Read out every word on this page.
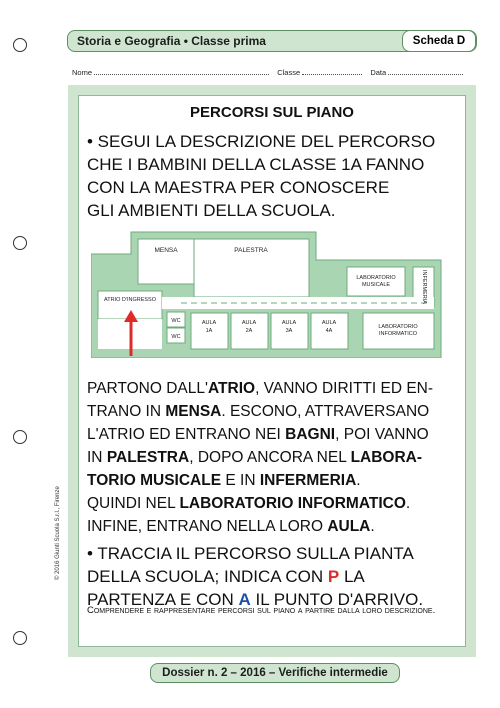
Storia e Geografia • Classe prima	Scheda D
Nome	Classe	Data
PERCORSI SUL PIANO
• SEGUI LA DESCRIZIONE DEL PERCORSO
CHE I BAMBINI DELLA CLASSE 1A FANNO
CON LA MAESTRA PER CONOSCERE
GLI AMBIENTI DELLA SCUOLA.
MENSA	PALESTRA
LABORATORIO
MUSICALE	INFERMERIA
ATRIO D'INGRESSO
WC
WC
AULA
1A
AULA
2A
AULA
3A
AULA
4A
LABORATORIO
INFORMATICO
PARTONO DALL'ATRIO, VANNO DIRITTI ED EN-
TRANO IN MENSA. ESCONO, ATTRAVERSANO
L'ATRIO ED ENTRANO NEI BAGNI, POI VANNO
IN PALESTRA, DOPO ANCORA NEL LABORA-
TORIO MUSICALE E IN INFERMERIA.
QUINDI NEL LABORATORIO INFORMATICO.
INFINE, ENTRANO NELLA LORO AULA.
• TRACCIA IL PERCORSO SULLA PIANTA
DELLA SCUOLA; INDICA CON P LA
PARTENZA E CON A IL PUNTO D'ARRIVO.
Comprendere e rappresentare percorsi sul piano a partire dalla loro descrizione.
© 2016 Giunti Scuola S.r.l., Firenze
Dossier n. 2 – 2016 – Verifiche intermedie
